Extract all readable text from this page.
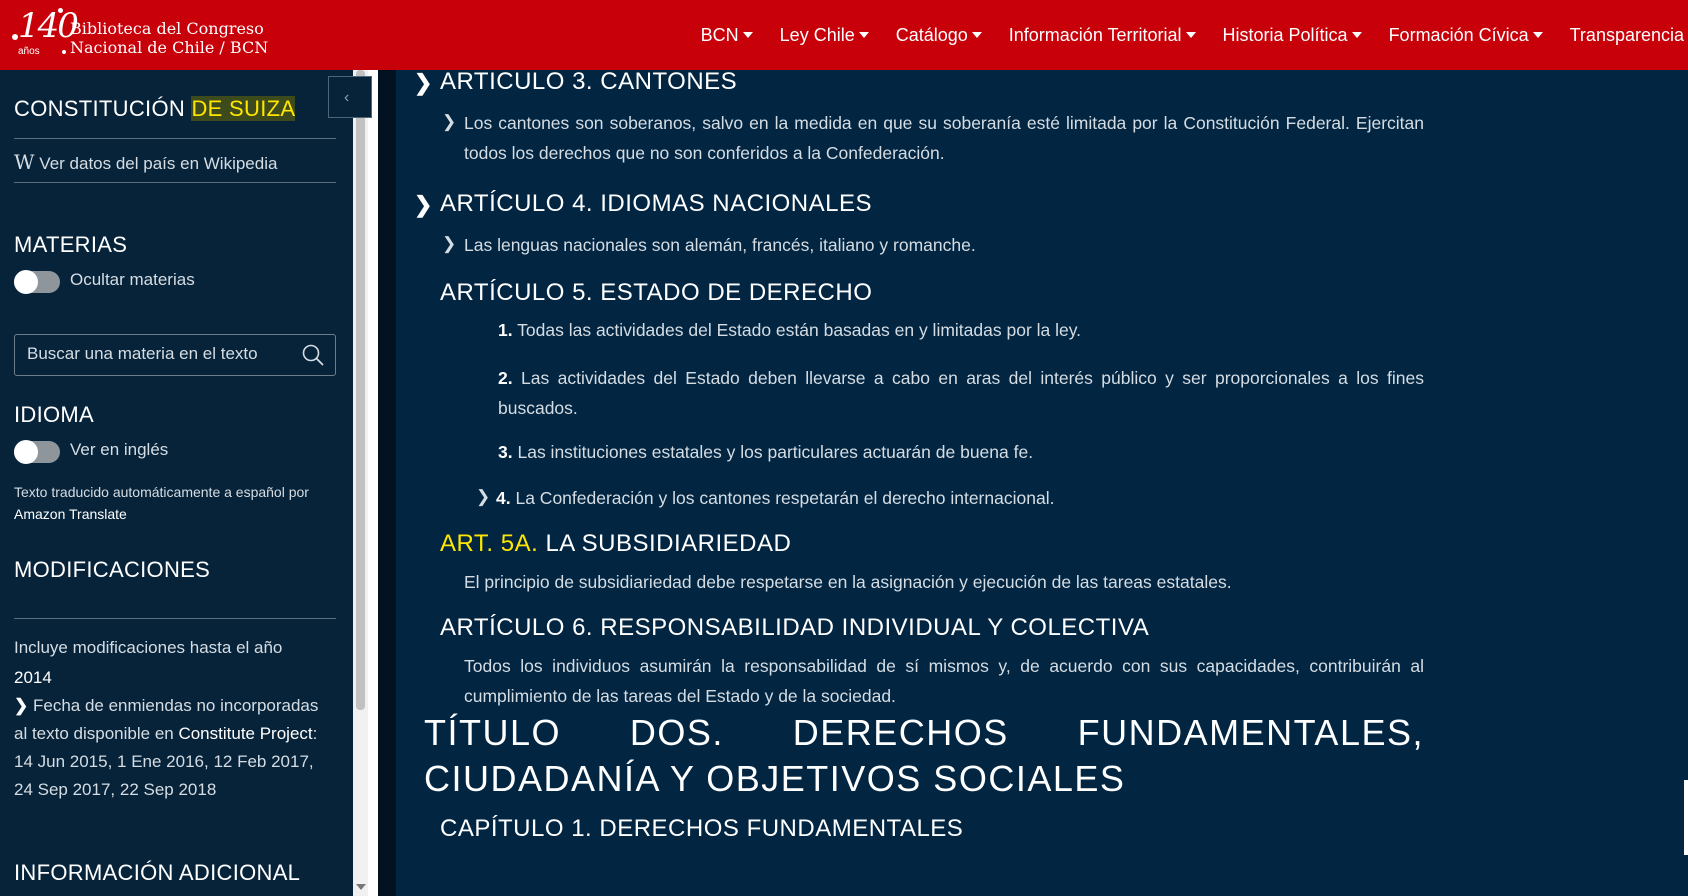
140
años
Biblioteca del Congreso
Nacional de Chile / BCN
BCN Ley Chile Catálogo Información Territorial Historia Política Formación Cívica Transparencia
CONSTITUCIÓN DE SUIZA
W Ver datos del país en Wikipedia
MATERIAS
Ocultar materias
Buscar una materia en el texto
IDIOMA
Ver en inglés
Texto traducido automáticamente a español por
Amazon Translate
MODIFICACIONES
Incluye modificaciones hasta el año
2014
❯ Fecha de enmiendas no incorporadas
al texto disponible en Constitute Project:
14 Jun 2015, 1 Ene 2016, 12 Feb 2017,
24 Sep 2017, 22 Sep 2018
INFORMACIÓN ADICIONAL
‹
❯ ARTICULO 3. CANTONES
❯ Los cantones son soberanos, salvo en la medida en que su soberanía esté limitada por la Constitución Federal. Ejercitan todos los derechos que no son conferidos a la Confederación.
❯ ARTÍCULO 4. IDIOMAS NACIONALES
❯ Las lenguas nacionales son alemán, francés, italiano y romanche.
ARTÍCULO 5. ESTADO DE DERECHO
1. Todas las actividades del Estado están basadas en y limitadas por la ley.
2. Las actividades del Estado deben llevarse a cabo en aras del interés público y ser proporcionales a los fines buscados.
3. Las instituciones estatales y los particulares actuarán de buena fe.
❯ 4. La Confederación y los cantones respetarán el derecho internacional.
ART. 5A. LA SUBSIDIARIEDAD
El principio de subsidiariedad debe respetarse en la asignación y ejecución de las tareas estatales.
ARTÍCULO 6. RESPONSABILIDAD INDIVIDUAL Y COLECTIVA
Todos los individuos asumirán la responsabilidad de sí mismos y, de acuerdo con sus capacidades, contribuirán al cumplimiento de las tareas del Estado y de la sociedad.
TÍTULO DOS. DERECHOS FUNDAMENTALES, CIUDADANÍA Y OBJETIVOS SOCIALES
CAPÍTULO 1. DERECHOS FUNDAMENTALES
